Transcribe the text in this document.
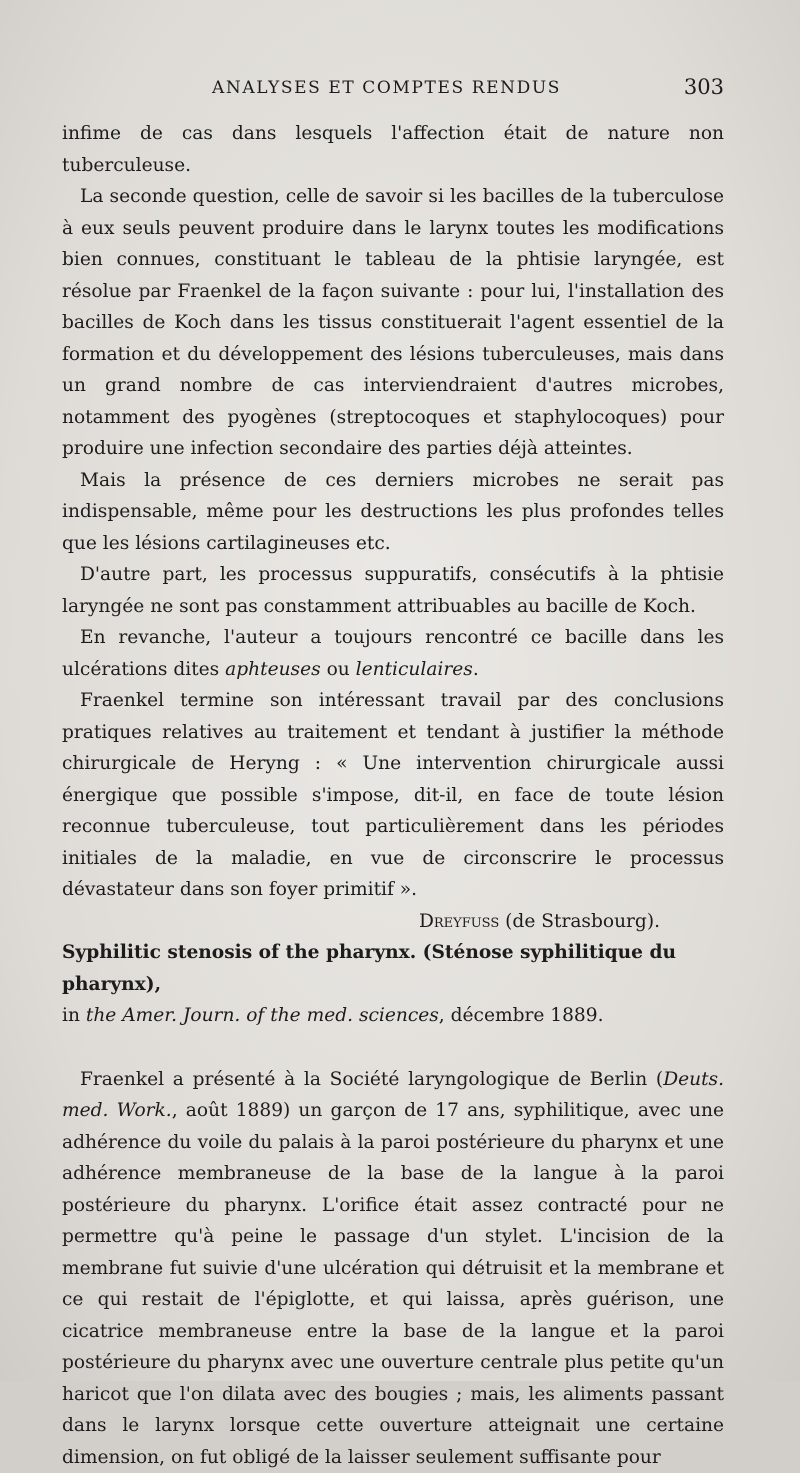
ANALYSES ET COMPTES RENDUS	303

infime de cas dans lesquels l'affection était de nature non tuberculeuse.

La seconde question, celle de savoir si les bacilles de la tuberculose à eux seuls peuvent produire dans le larynx toutes les modifications bien connues, constituant le tableau de la phtisie laryngée, est résolue par Fraenkel de la façon suivante : pour lui, l'installation des bacilles de Koch dans les tissus constituerait l'agent essentiel de la formation et du développement des lésions tuberculeuses, mais dans un grand nombre de cas interviendraient d'autres microbes, notamment des pyogènes (streptocoques et staphylocoques) pour produire une infection secondaire des parties déjà atteintes.

Mais la présence de ces derniers microbes ne serait pas indispensable, même pour les destructions les plus profondes telles que les lésions cartilagineuses etc.

D'autre part, les processus suppuratifs, consécutifs à la phtisie laryngée ne sont pas constamment attribuables au bacille de Koch.

En revanche, l'auteur a toujours rencontré ce bacille dans les ulcérations dites aphteuses ou lenticulaires.

Fraenkel termine son intéressant travail par des conclusions pratiques relatives au traitement et tendant à justifier la méthode chirurgicale de Heryng : « Une intervention chirurgicale aussi énergique que possible s'impose, dit-il, en face de toute lésion reconnue tuberculeuse, tout particulièrement dans les périodes initiales de la maladie, en vue de circonscrire le processus dévastateur dans son foyer primitif ».

Dreyfuss (de Strasbourg).

Syphilitic stenosis of the pharynx. (Sténose syphilitique du pharynx),

in the Amer. Journ. of the med. sciences, décembre 1889.

Fraenkel a présenté à la Société laryngologique de Berlin (Deuts. med. Work., août 1889) un garçon de 17 ans, syphilitique, avec une adhérence du voile du palais à la paroi postérieure du pharynx et une adhérence membraneuse de la base de la langue à la paroi postérieure du pharynx. L'orifice était assez contracté pour ne permettre qu'à peine le passage d'un stylet. L'incision de la membrane fut suivie d'une ulcération qui détruisit et la membrane et ce qui restait de l'épiglotte, et qui laissa, après guérison, une cicatrice membraneuse entre la base de la langue et la paroi postérieure du pharynx avec une ouverture centrale plus petite qu'un haricot que l'on dilata avec des bougies ; mais, les aliments passant dans le larynx lorsque cette ouverture atteignait une certaine dimension, on fut obligé de la laisser seulement suffisante pour
